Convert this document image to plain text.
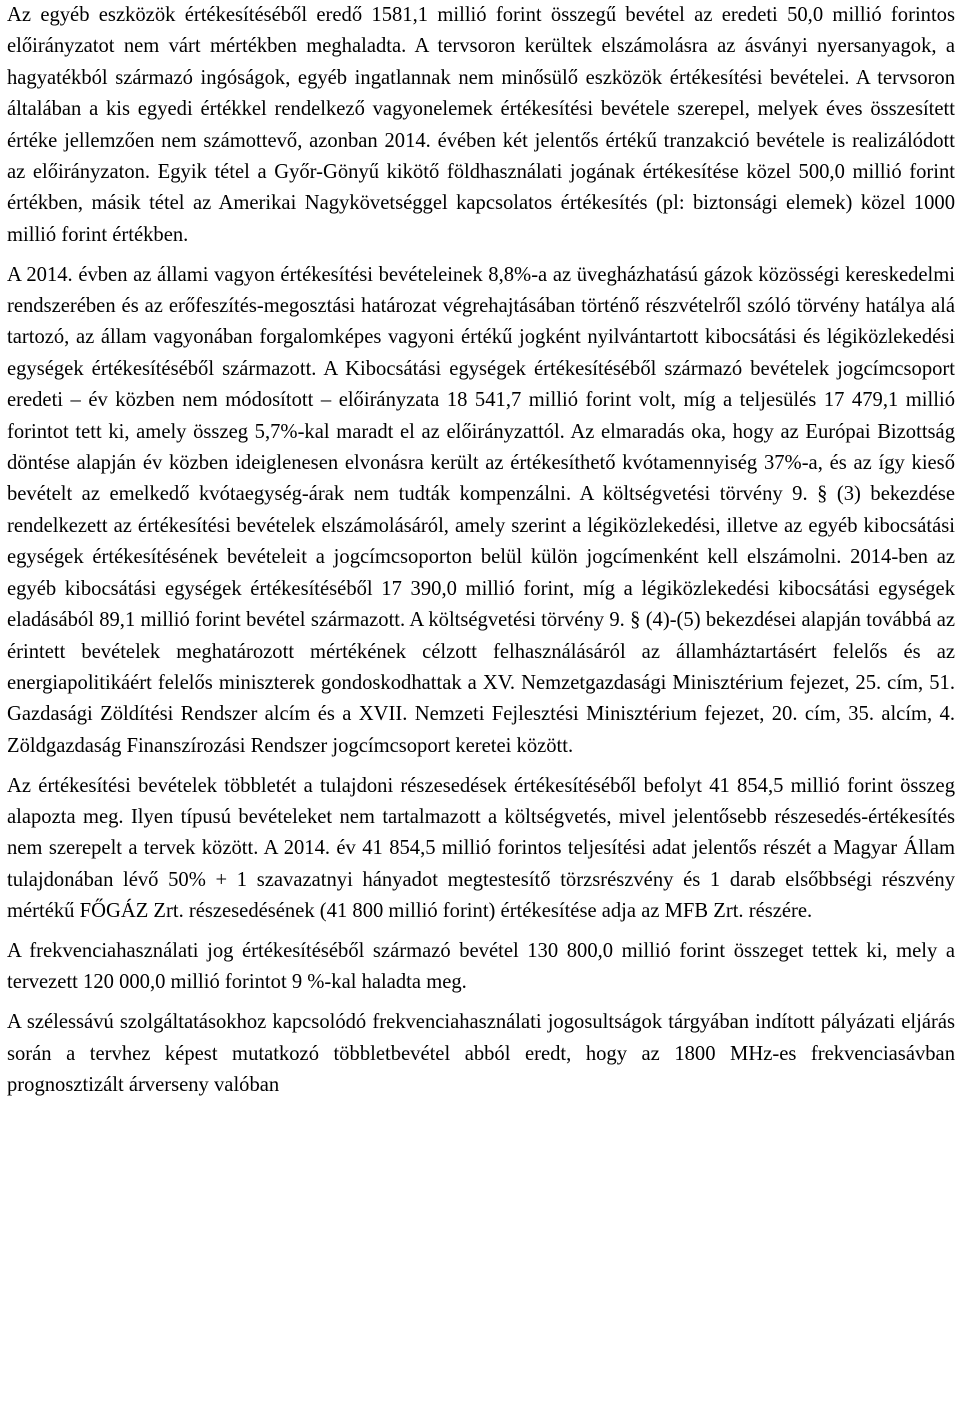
Az egyéb eszközök értékesítéséből eredő 1581,1 millió forint összegű bevétel az eredeti 50,0 millió forintos előirányzatot nem várt mértékben meghaladta. A tervsoron kerültek elszámolásra az ásványi nyersanyagok, a hagyatékból származó ingóságok, egyéb ingatlannak nem minősülő eszközök értékesítési bevételei. A tervsoron általában a kis egyedi értékkel rendelkező vagyonelemek értékesítési bevétele szerepel, melyek éves összesített értéke jellemzően nem számottevő, azonban 2014. évében két jelentős értékű tranzakció bevétele is realizálódott az előirányzaton. Egyik tétel a Győr-Gönyű kikötő földhasználati jogának értékesítése közel 500,0 millió forint értékben, másik tétel az Amerikai Nagykövetséggel kapcsolatos értékesítés (pl: biztonsági elemek) közel 1000 millió forint értékben.

A 2014. évben az állami vagyon értékesítési bevételeinek 8,8%-a az üvegházhatású gázok közösségi kereskedelmi rendszerében és az erőfeszítés-megosztási határozat végrehajtásában történő részvételről szóló törvény hatálya alá tartozó, az állam vagyonában forgalomképes vagyoni értékű jogként nyilvántartott kibocsátási és légiközlekedési egységek értékesítéséből származott. A Kibocsátási egységek értékesítéséből származó bevételek jogcímcsoport eredeti – év közben nem módosított – előirányzata 18 541,7 millió forint volt, míg a teljesülés 17 479,1 millió forintot tett ki, amely összeg 5,7%-kal maradt el az előirányzattól. Az elmaradás oka, hogy az Európai Bizottság döntése alapján év közben ideiglenesen elvonásra került az értékesíthető kvótamennyiség 37%-a, és az így kieső bevételt az emelkedő kvótaegység-árak nem tudták kompenzálni. A költségvetési törvény 9. § (3) bekezdése rendelkezett az értékesítési bevételek elszámolásáról, amely szerint a légiközlekedési, illetve az egyéb kibocsátási egységek értékesítésének bevételeit a jogcímcsoporton belül külön jogcímenként kell elszámolni. 2014-ben az egyéb kibocsátási egységek értékesítéséből 17 390,0 millió forint, míg a légiközlekedési kibocsátási egységek eladásából 89,1 millió forint bevétel származott. A költségvetési törvény 9. § (4)-(5) bekezdései alapján továbbá az érintett bevételek meghatározott mértékének célzott felhasználásáról az államháztartásért felelős és az energiapolitikáért felelős miniszterek gondoskodhattak a XV. Nemzetgazdasági Minisztérium fejezet, 25. cím, 51. Gazdasági Zöldítési Rendszer alcím és a XVII. Nemzeti Fejlesztési Minisztérium fejezet, 20. cím, 35. alcím, 4. Zöldgazdaság Finanszírozási Rendszer jogcímcsoport keretei között.

Az értékesítési bevételek többletét a tulajdoni részesedések értékesítéséből befolyt 41 854,5 millió forint összeg alapozta meg. Ilyen típusú bevételeket nem tartalmazott a költségvetés, mivel jelentősebb részesedés-értékesítés nem szerepelt a tervek között. A 2014. év 41 854,5 millió forintos teljesítési adat jelentős részét a Magyar Állam tulajdonában lévő 50% + 1 szavazatnyi hányadot megtestesítő törzsrészvény és 1 darab elsőbbségi részvény mértékű FŐGÁZ Zrt. részesedésének (41 800 millió forint) értékesítése adja az MFB Zrt. részére.

A frekvenciahasználati jog értékesítéséből származó bevétel 130 800,0 millió forint összeget tettek ki, mely a tervezett 120 000,0 millió forintot 9 %-kal haladta meg.

A szélessávú szolgáltatásokhoz kapcsolódó frekvenciahasználati jogosultságok tárgyában indított pályázati eljárás során a tervhez képest mutatkozó többletbevétel abból eredt, hogy az 1800 MHz-es frekvenciasávban prognosztizált árverseny valóban
